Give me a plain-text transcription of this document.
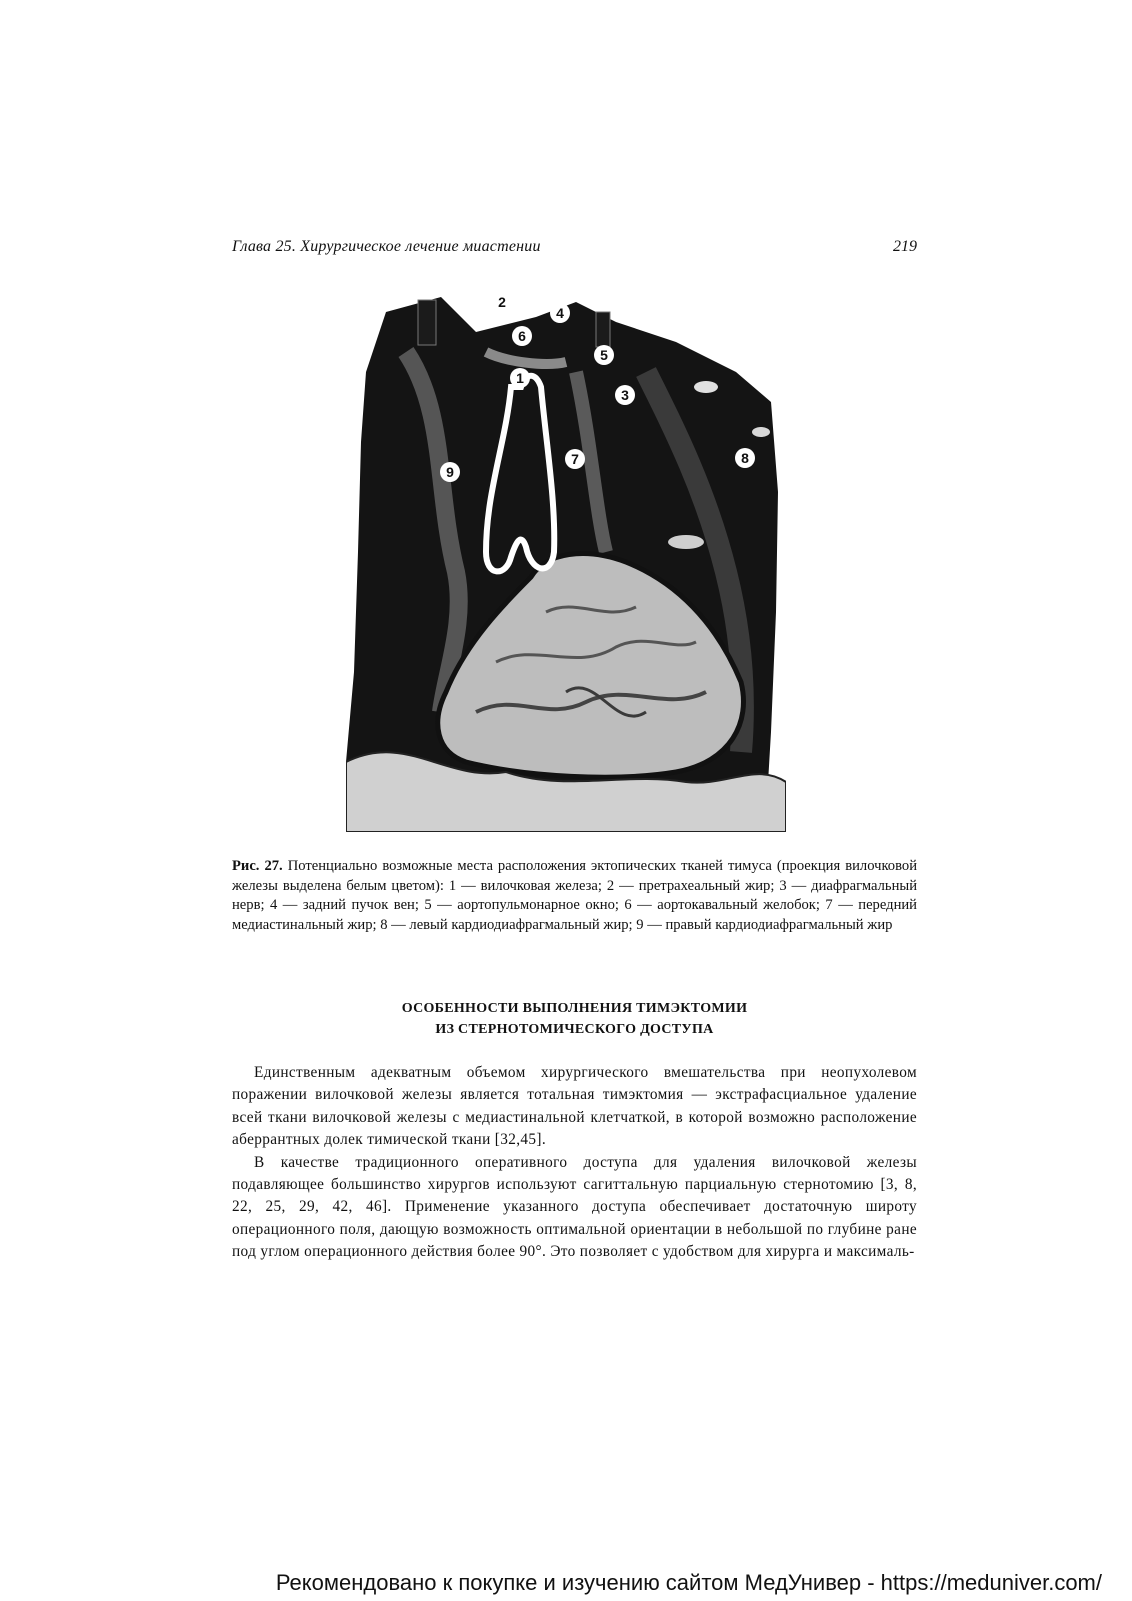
Глава 25. Хирургическое лечение миастении	219
2
4
6
5
1
3
9
7	8
Рис. 27. Потенциально возможные места расположения эктопических тканей тимуса (проекция вилочковой железы выделена белым цветом): 1 — вилочковая железа; 2 — претрахеальный жир; 3 — диафрагмальный нерв; 4 — задний пучок вен; 5 — аортопульмонарное окно; 6 — аортокавальный желобок; 7 — передний медиастинальный жир; 8 — левый кардиодиафрагмальный жир; 9 — правый кардиодиафрагмальный жир
ОСОБЕННОСТИ ВЫПОЛНЕНИЯ ТИМЭКТОМИИ
ИЗ СТЕРНОТОМИЧЕСКОГО ДОСТУПА

Единственным адекватным объемом хирургического вмешательства при неопухолевом поражении вилочковой железы является тотальная тимэктомия — экстрафасциальное удаление всей ткани вилочковой железы с медиастинальной клетчаткой, в которой возможно расположение аберрантных долек тимической ткани [32,45].

В качестве традиционного оперативного доступа для удаления вилочковой железы подавляющее большинство хирургов используют сагиттальную парциальную стернотомию [3, 8, 22, 25, 29, 42, 46]. Применение указанного доступа обеспечивает достаточную широту операционного поля, дающую возможность оптимальной ориентации в небольшой по глубине ране под углом операционного действия более 90°. Это позволяет с удобством для хирурга и максималь-

Рекомендовано к покупке и изучению сайтом МедУнивер - https://meduniver.com/
